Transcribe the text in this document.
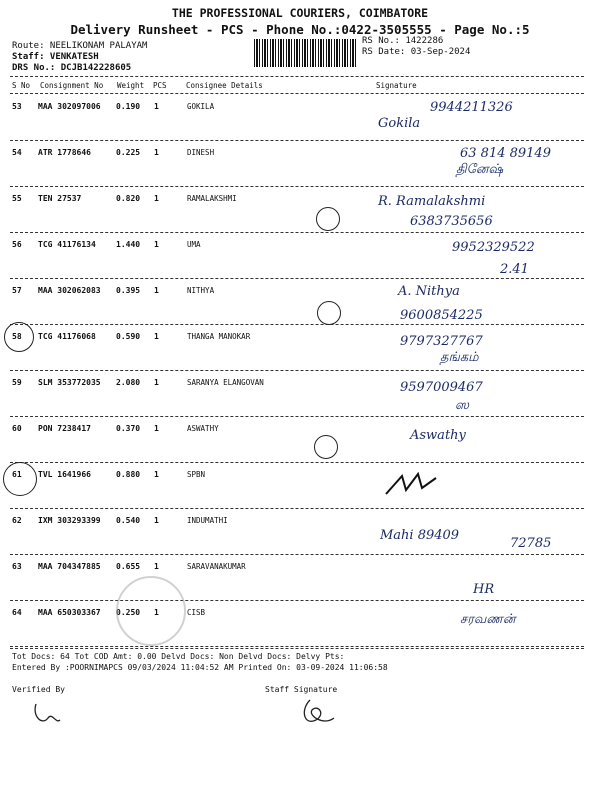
THE PROFESSIONAL COURIERS, COIMBATORE
Delivery Runsheet - PCS - Phone No.:0422-3505555 - Page No.:5
Route: NEELIKONAM PALAYAM
Staff: VENKATESH
DRS No.: DCJB142228605
RS No.: 1422286
RS Date: 03-Sep-2024
S No Consignment No Weight PCS	Consignee Details	Signature
53 MAA 302097006 0.190 1	GOKILA	9944211326
Gokila
54 ATR 1778646	0.225 1	DINESH	63 814 89149
தினேஷ்
55 TEN 27537	0.820 1	RAMALAKSHMI	R. Ramalakshmi
6383735656
56 TCG 41176134	1.440 1	UMA	9952329522
2.41
57 MAA 302062083 0.395 1	NITHYA	A. Nithya
9600854225
58 TCG 41176068	0.590 1	THANGA MANOKAR	9797327767
தங்கம்
59 SLM 353772035 2.080 1	SARANYA ELANGOVAN	9597009467
ஸ
60 PON 7238417	0.370 1	ASWATHY	Aswathy
61 TVL 1641966	0.880 1	SPBN
62 IXM 303293399 0.540 1	INDUMATHI
Mahi 89409
72785
63 MAA 704347885 0.655 1	SARAVANAKUMAR
HR
64 MAA 650303367 0.250 1	CISB	சரவணன்
Tot Docs: 64 Tot COD Amt: 0.00 Delvd Docs: Non Delvd Docs: Delvy Pts:
Entered By :POORNIMAPCS 09/03/2024 11:04:52 AM Printed On: 03-09-2024 11:06:58
Verified By	Staff Signature
